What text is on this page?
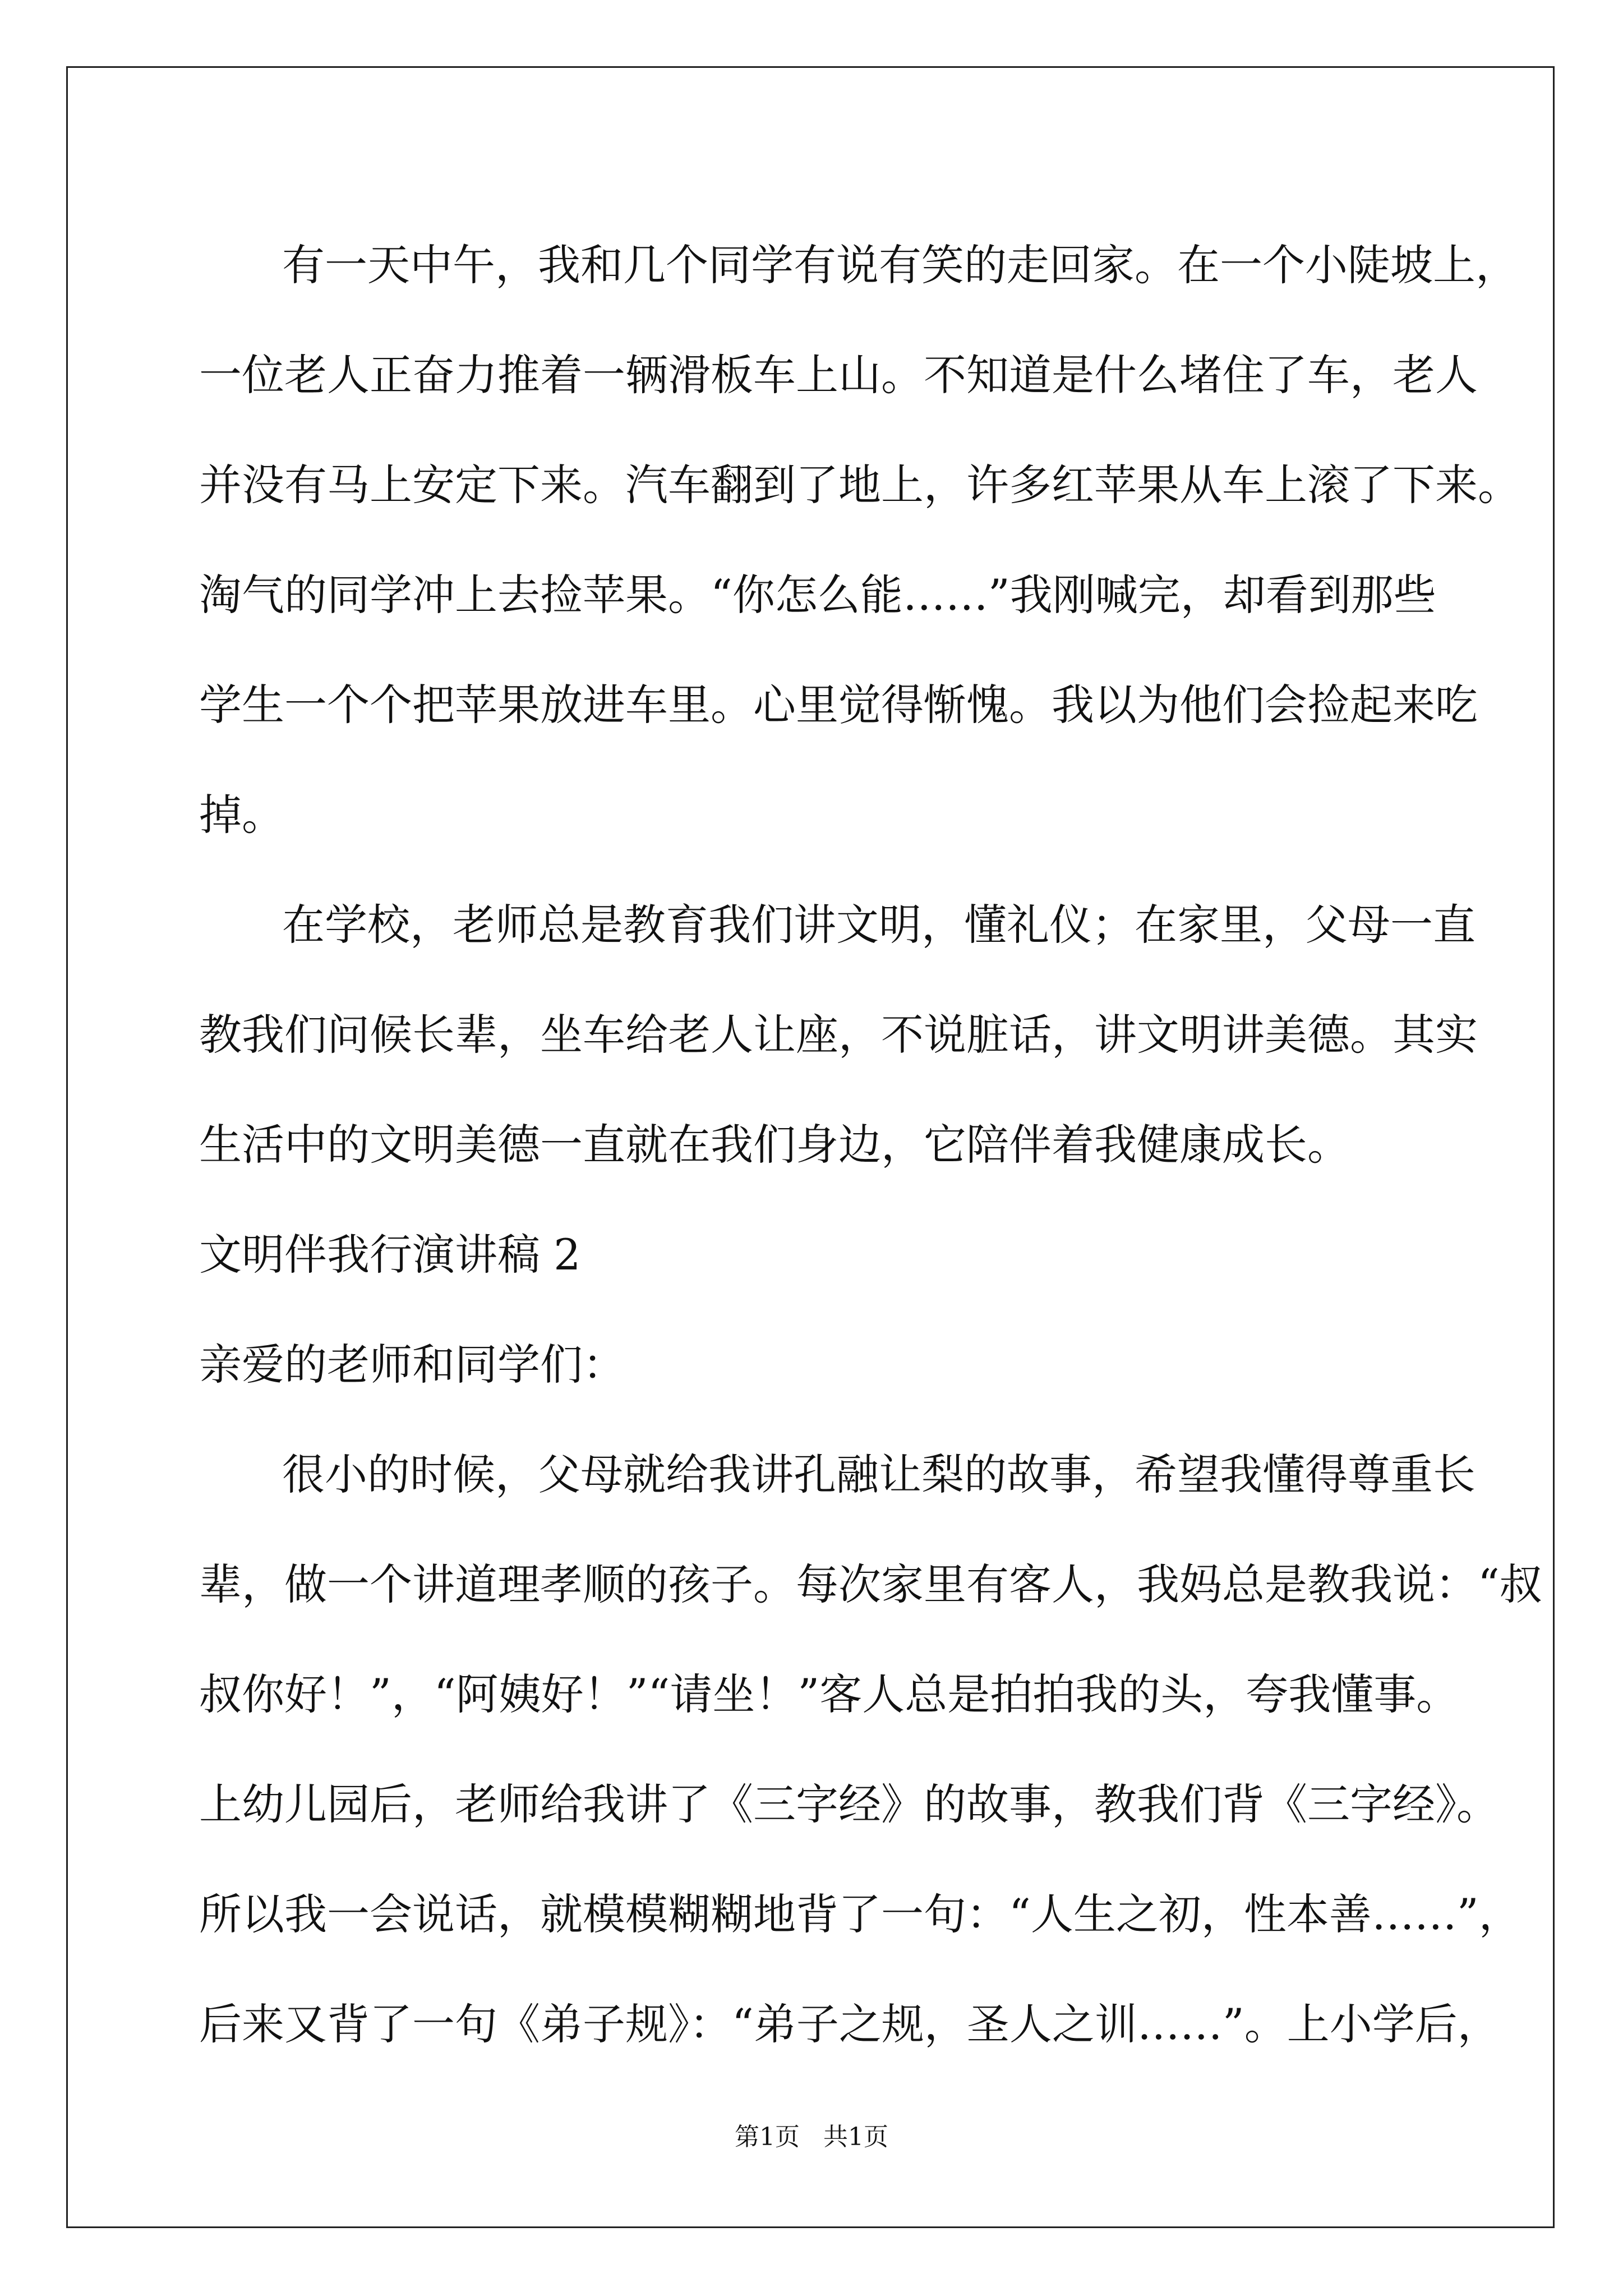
有一天中午，我和几个同学有说有笑的走回家。在一个小陡坡上，

一位老人正奋力推着一辆滑板车上山。不知道是什么堵住了车，老人

并没有马上安定下来。汽车翻到了地上，许多红苹果从车上滚了下来。

淘气的同学冲上去捡苹果。“你怎么能……”我刚喊完，却看到那些

学生一个个把苹果放进车里。心里觉得惭愧。我以为他们会捡起来吃

掉。

在学校，老师总是教育我们讲文明，懂礼仪；在家里，父母一直

教我们问候长辈，坐车给老人让座，不说脏话，讲文明讲美德。其实

生活中的文明美德一直就在我们身边，它陪伴着我健康成长。

文明伴我行演讲稿 2

亲爱的老师和同学们：

很小的时候，父母就给我讲孔融让梨的故事，希望我懂得尊重长

辈，做一个讲道理孝顺的孩子。每次家里有客人，我妈总是教我说：“叔

叔你好！”，“阿姨好！”“请坐！”客人总是拍拍我的头，夸我懂事。

上幼儿园后，老师给我讲了《三字经》的故事，教我们背《三字经》。

所以我一会说话，就模模糊糊地背了一句：“人生之初，性本善……”，

后来又背了一句《弟子规》：“弟子之规，圣人之训……”。上小学后，

第1页   共1页
